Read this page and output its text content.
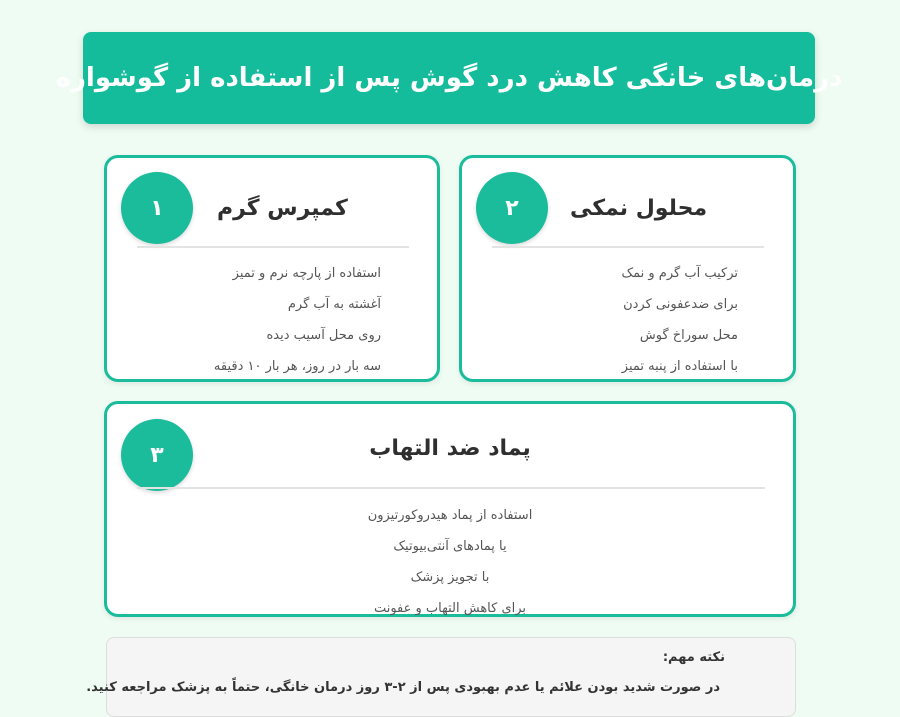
درمان‌های خانگی کاهش درد گوش پس از استفاده از گوشواره
۱	کمپرس گرم
استفاده از پارچه نرم و تمیز
آغشته به آب گرم
روی محل آسیب دیده
سه بار در روز، هر بار ۱۰ دقیقه
۲	محلول نمکی
ترکیب آب گرم و نمک
برای ضدعفونی کردن
محل سوراخ گوش
با استفاده از پنبه تمیز
۳	پماد ضد التهاب
استفاده از پماد هیدروکورتیزون
یا پمادهای آنتی‌بیوتیک
با تجویز پزشک
برای کاهش التهاب و عفونت
:نکته مهم
.در صورت شدید بودن علائم یا عدم بهبودی پس از ۲-۳ روز درمان خانگی، حتماً به پزشک مراجعه کنید
